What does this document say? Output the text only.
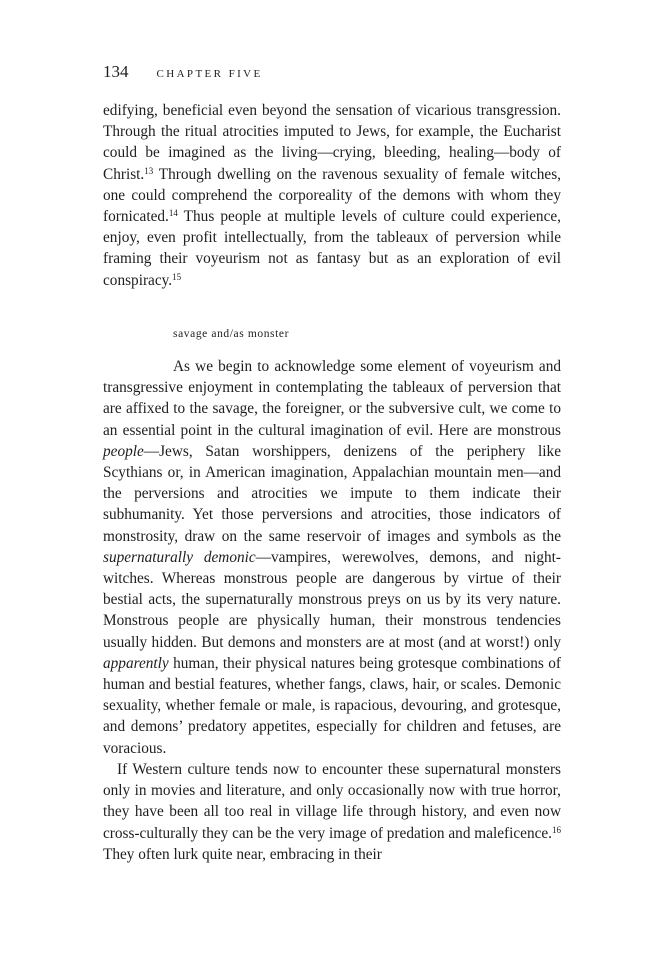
134	CHAPTER FIVE

edifying, beneficial even beyond the sensation of vicarious transgression. Through the ritual atrocities imputed to Jews, for example, the Eucharist could be imagined as the living—crying, bleeding, healing—body of Christ.$^{13}$ Through dwelling on the ravenous sexuality of female witches, one could comprehend the corporeality of the demons with whom they fornicated.$^{14}$ Thus people at multiple levels of culture could experience, enjoy, even profit intellectually, from the tableaux of perversion while framing their voyeurism not as fantasy but as an exploration of evil conspiracy.$^{15}$

savage and/as monster

As we begin to acknowledge some element of voyeurism and transgressive enjoyment in contemplating the tableaux of perversion that are affixed to the savage, the foreigner, or the subversive cult, we come to an essential point in the cultural imagination of evil. Here are monstrous people—Jews, Satan worshippers, denizens of the periphery like Scythians or, in American imagination, Appalachian mountain men—and the perversions and atrocities we impute to them indicate their subhumanity. Yet those perversions and atrocities, those indicators of monstrosity, draw on the same reservoir of images and symbols as the supernaturally demonic—vampires, werewolves, demons, and night-witches. Whereas monstrous people are dangerous by virtue of their bestial acts, the supernaturally monstrous preys on us by its very nature. Monstrous people are physically human, their monstrous tendencies usually hidden. But demons and monsters are at most (and at worst!) only apparently human, their physical natures being grotesque combinations of human and bestial features, whether fangs, claws, hair, or scales. Demonic sexuality, whether female or male, is rapacious, devouring, and grotesque, and demons’ predatory appetites, especially for children and fetuses, are voracious.

If Western culture tends now to encounter these supernatural monsters only in movies and literature, and only occasionally now with true horror, they have been all too real in village life through history, and even now cross-culturally they can be the very image of predation and maleficence.$^{16}$ They often lurk quite near, embracing in their
